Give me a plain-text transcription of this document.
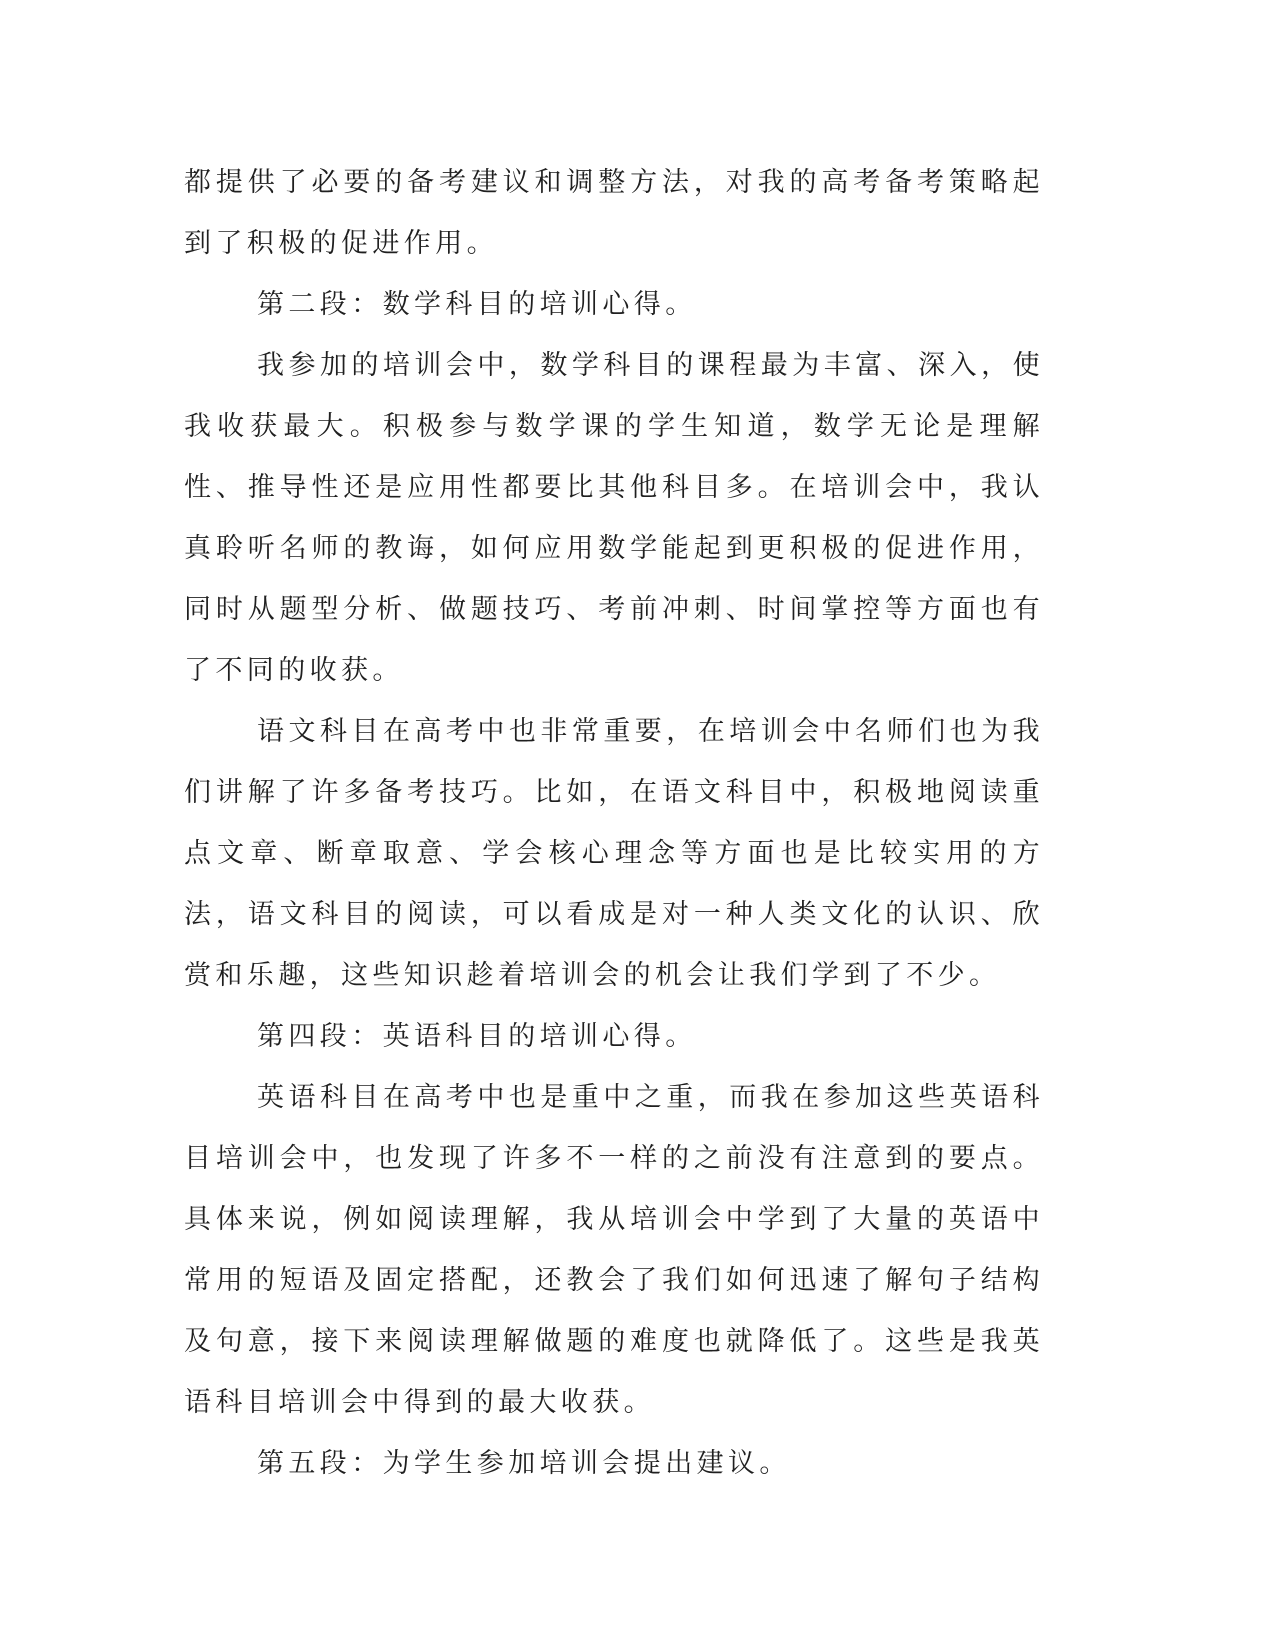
都提供了必要的备考建议和调整方法，对我的高考备考策略起到了积极的促进作用。

第二段：数学科目的培训心得。

我参加的培训会中，数学科目的课程最为丰富、深入，使我收获最大。积极参与数学课的学生知道，数学无论是理解性、推导性还是应用性都要比其他科目多。在培训会中，我认真聆听名师的教诲，如何应用数学能起到更积极的促进作用，同时从题型分析、做题技巧、考前冲刺、时间掌控等方面也有了不同的收获。

语文科目在高考中也非常重要，在培训会中名师们也为我们讲解了许多备考技巧。比如，在语文科目中，积极地阅读重点文章、断章取意、学会核心理念等方面也是比较实用的方法，语文科目的阅读，可以看成是对一种人类文化的认识、欣赏和乐趣，这些知识趁着培训会的机会让我们学到了不少。

第四段：英语科目的培训心得。

英语科目在高考中也是重中之重，而我在参加这些英语科目培训会中，也发现了许多不一样的之前没有注意到的要点。具体来说，例如阅读理解，我从培训会中学到了大量的英语中常用的短语及固定搭配，还教会了我们如何迅速了解句子结构及句意，接下来阅读理解做题的难度也就降低了。这些是我英语科目培训会中得到的最大收获。

第五段：为学生参加培训会提出建议。
